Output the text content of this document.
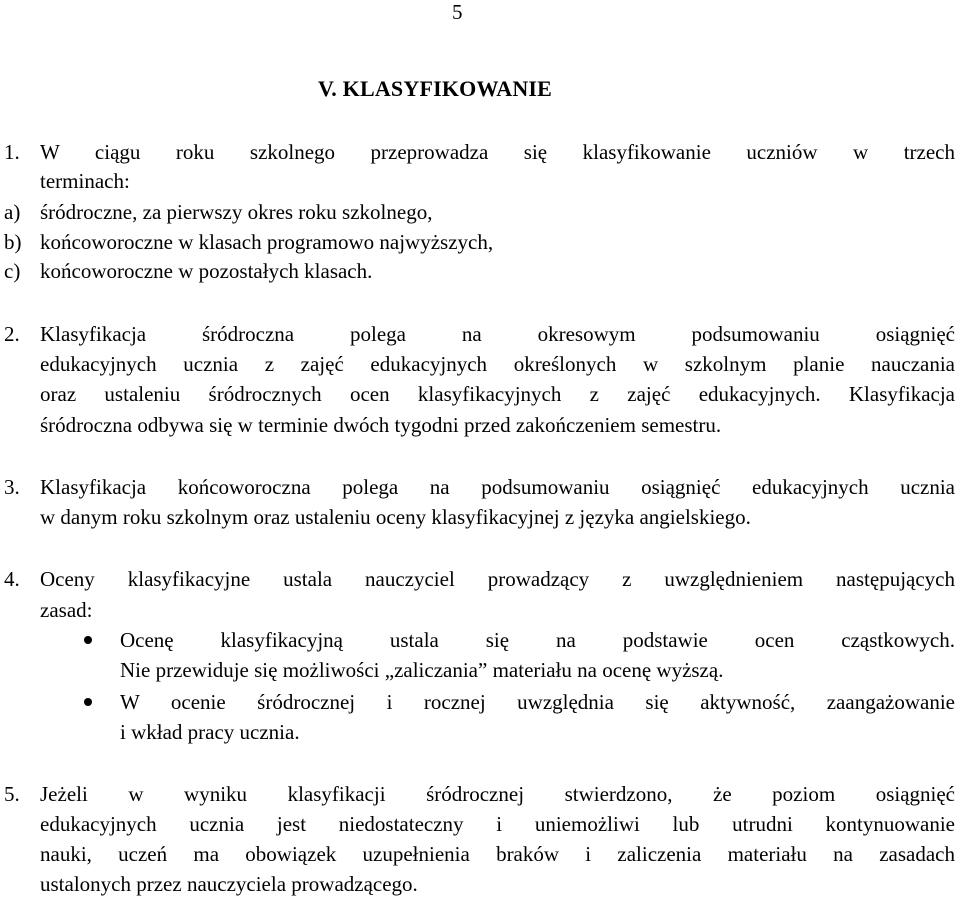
5
V. KLASYFIKOWANIE
1. W ciągu roku szkolnego przeprowadza się klasyfikowanie uczniów w trzech
terminach:
a) śródroczne, za pierwszy okres roku szkolnego,
b) końcoworoczne w klasach programowo najwyższych,
c) końcoworoczne w pozostałych klasach.
2. Klasyfikacja śródroczna polega na okresowym podsumowaniu osiągnięć
edukacyjnych ucznia z zajęć edukacyjnych określonych w szkolnym planie nauczania
oraz ustaleniu śródrocznych ocen klasyfikacyjnych z zajęć edukacyjnych. Klasyfikacja
śródroczna odbywa się w terminie dwóch tygodni przed zakończeniem semestru.
3. Klasyfikacja końcoworoczna polega na podsumowaniu osiągnięć edukacyjnych ucznia
w danym roku szkolnym oraz ustaleniu oceny klasyfikacyjnej z języka angielskiego.
4. Oceny klasyfikacyjne ustala nauczyciel prowadzący z uwzględnieniem następujących
zasad:
Ocenę klasyfikacyjną ustala się na podstawie ocen cząstkowych.
Nie przewiduje się możliwości „zaliczania” materiału na ocenę wyższą.
W ocenie śródrocznej i rocznej uwzględnia się aktywność, zaangażowanie
i wkład pracy ucznia.
5. Jeżeli w wyniku klasyfikacji śródrocznej stwierdzono, że poziom osiągnięć
edukacyjnych ucznia jest niedostateczny i uniemożliwi lub utrudni kontynuowanie
nauki, uczeń ma obowiązek uzupełnienia braków i zaliczenia materiału na zasadach
ustalonych przez nauczyciela prowadzącego.
